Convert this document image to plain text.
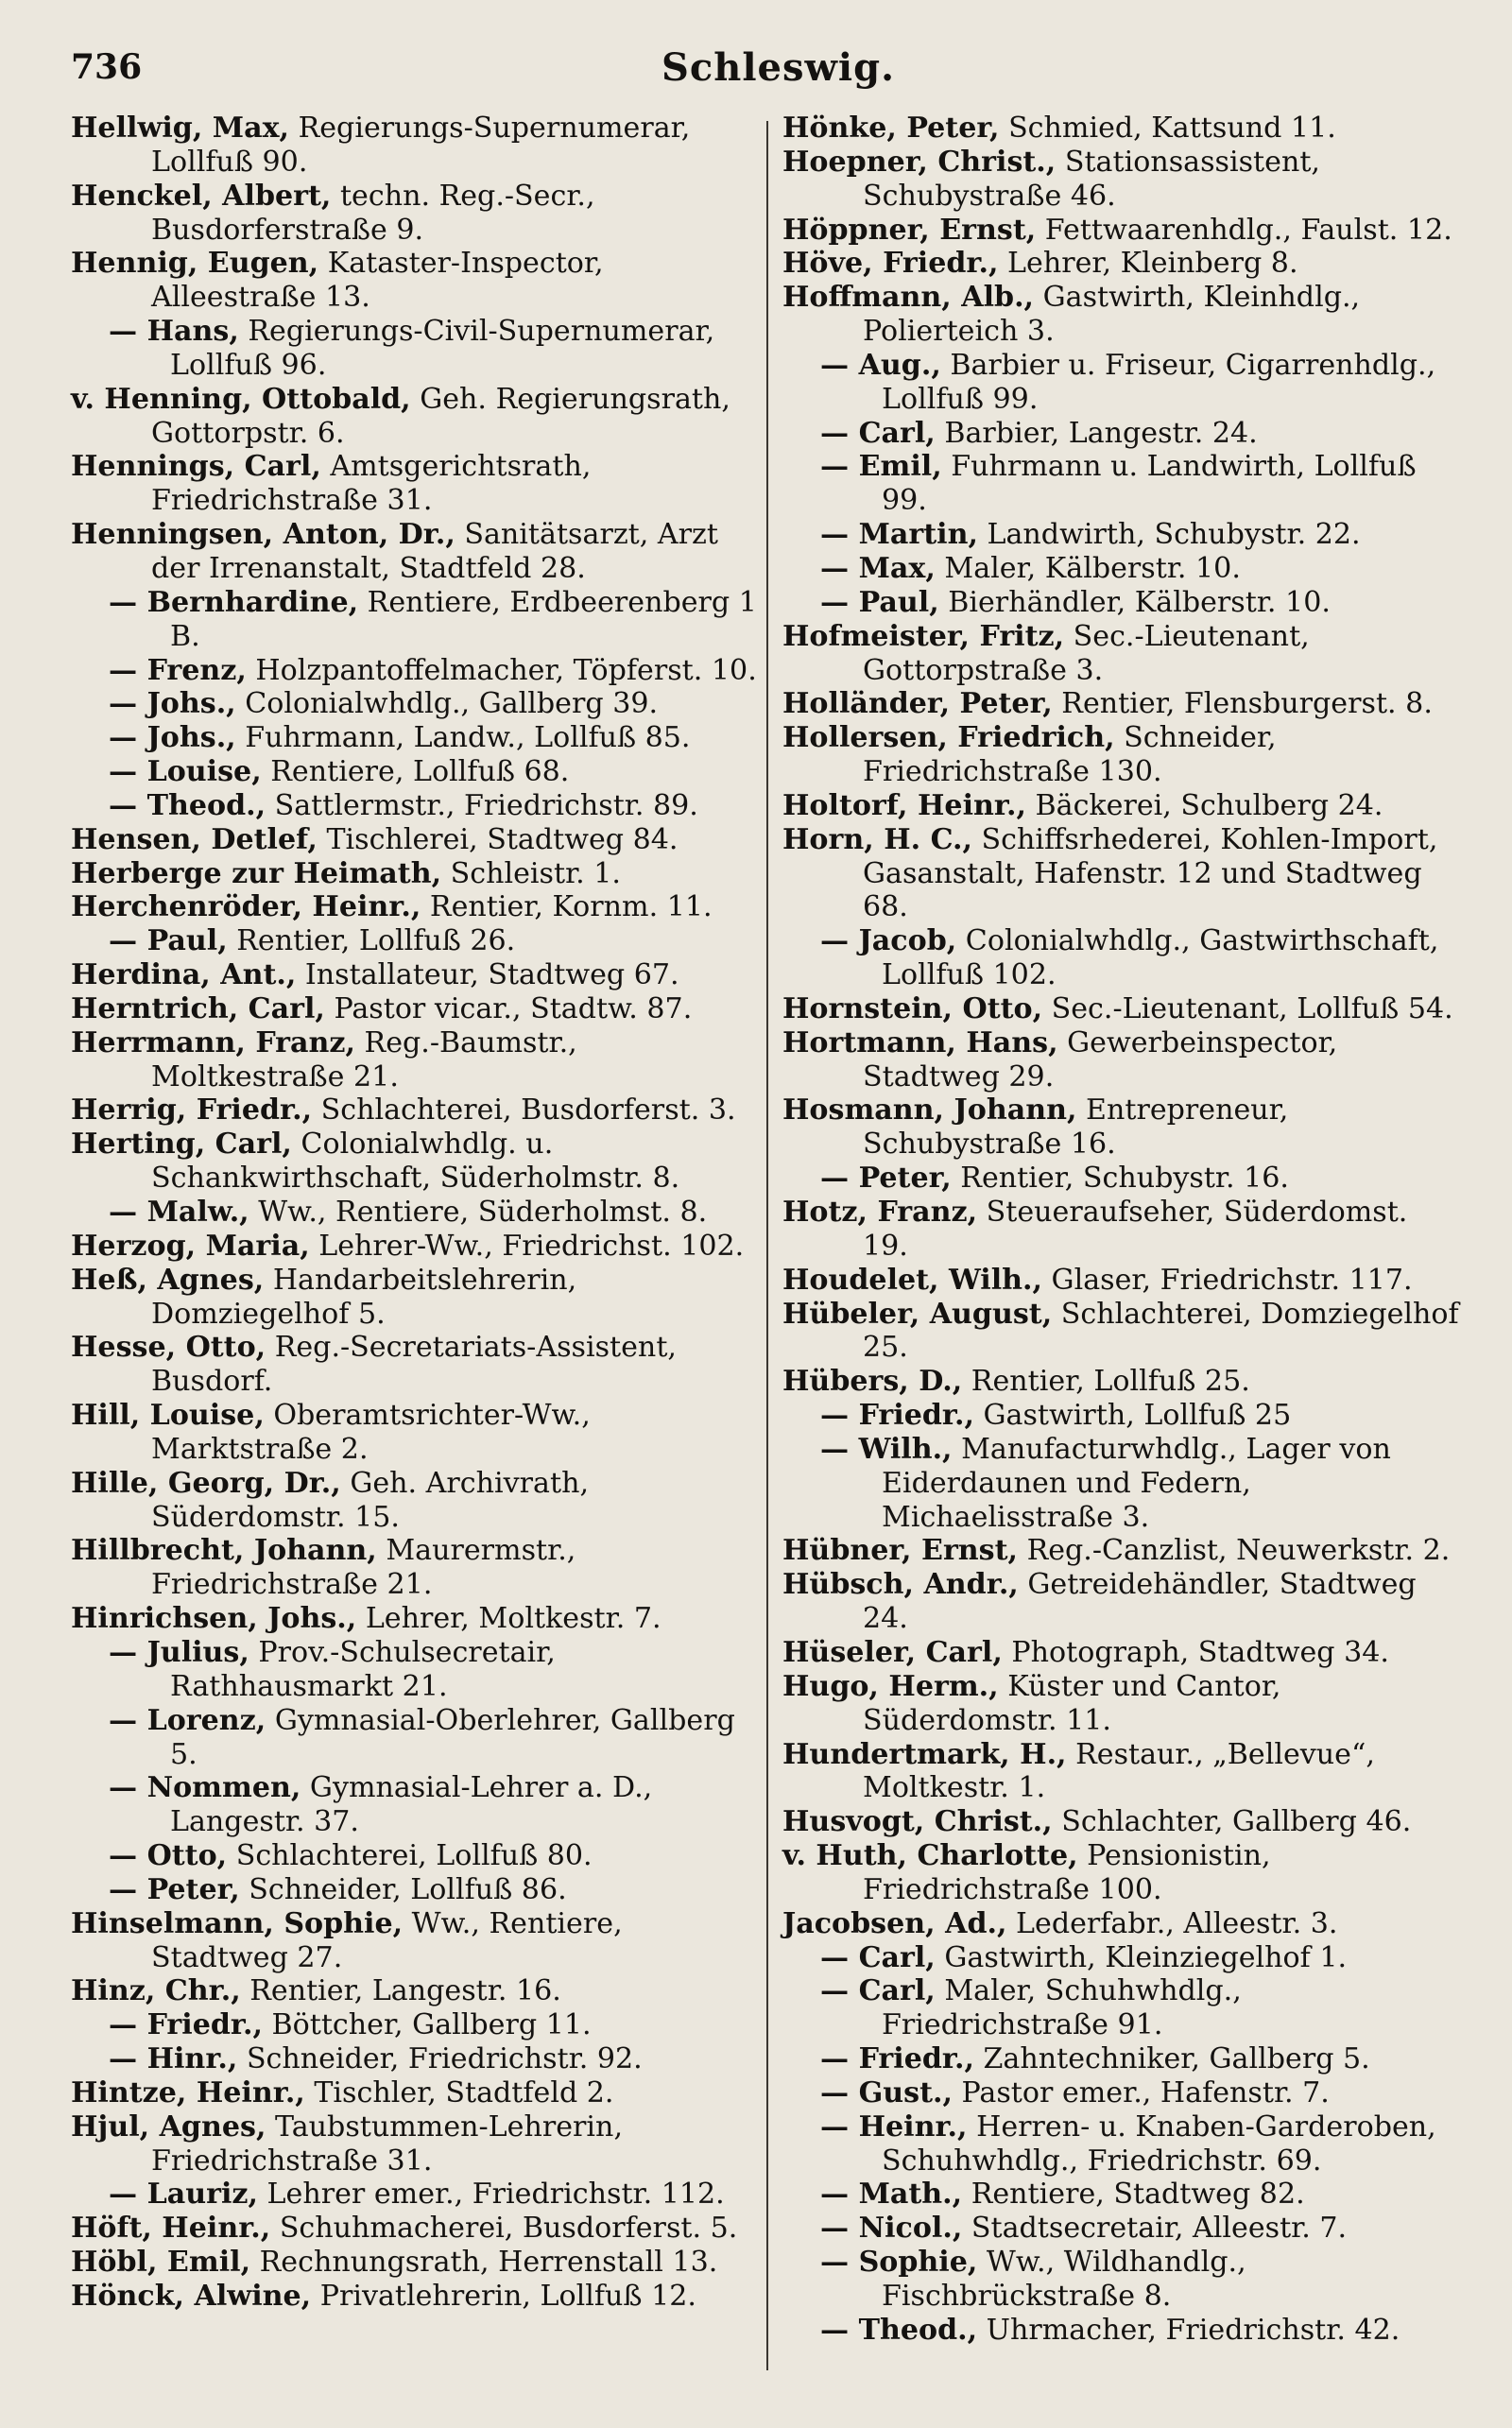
736	Schleswig.
Hellwig, Max, Regierungs-Supernumerar, Lollfuß 90.
Henckel, Albert, techn. Reg.-Secr., Busdorferstraße 9.
Hennig, Eugen, Kataster-Inspector, Alleestraße 13.
— Hans, Regierungs-Civil-Supernumerar, Lollfuß 96.
v. Henning, Ottobald, Geh. Regierungsrath, Gottorpstr. 6.
Hennings, Carl, Amtsgerichtsrath, Friedrichstraße 31.
Henningsen, Anton, Dr., Sanitätsarzt, Arzt der Irrenanstalt, Stadtfeld 28.
— Bernhardine, Rentiere, Erdbeerenberg 1 B.
— Frenz, Holzpantoffelmacher, Töpferst. 10.
— Johs., Colonialwhdlg., Gallberg 39.
— Johs., Fuhrmann, Landw., Lollfuß 85.
— Louise, Rentiere, Lollfuß 68.
— Theod., Sattlermstr., Friedrichstr. 89.
Hensen, Detlef, Tischlerei, Stadtweg 84.
Herberge zur Heimath, Schleistr. 1.
Herchenröder, Heinr., Rentier, Kornm. 11.
— Paul, Rentier, Lollfuß 26.
Herdina, Ant., Installateur, Stadtweg 67.
Herntrich, Carl, Pastor vicar., Stadtw. 87.
Herrmann, Franz, Reg.-Baumstr., Moltkestraße 21.
Herrig, Friedr., Schlachterei, Busdorferst. 3.
Herting, Carl, Colonialwhdlg. u. Schankwirthschaft, Süderholmstr. 8.
— Malw., Ww., Rentiere, Süderholmst. 8.
Herzog, Maria, Lehrer-Ww., Friedrichst. 102.
Heß, Agnes, Handarbeitslehrerin, Domziegelhof 5.
Hesse, Otto, Reg.-Secretariats-Assistent, Busdorf.
Hill, Louise, Oberamtsrichter-Ww., Marktstraße 2.
Hille, Georg, Dr., Geh. Archivrath, Süderdomstr. 15.
Hillbrecht, Johann, Maurermstr., Friedrichstraße 21.
Hinrichsen, Johs., Lehrer, Moltkestr. 7.
— Julius, Prov.-Schulsecretair, Rathhausmarkt 21.
— Lorenz, Gymnasial-Oberlehrer, Gallberg 5.
— Nommen, Gymnasial-Lehrer a. D., Langestr. 37.
— Otto, Schlachterei, Lollfuß 80.
— Peter, Schneider, Lollfuß 86.
Hinselmann, Sophie, Ww., Rentiere, Stadtweg 27.
Hinz, Chr., Rentier, Langestr. 16.
— Friedr., Böttcher, Gallberg 11.
— Hinr., Schneider, Friedrichstr. 92.
Hintze, Heinr., Tischler, Stadtfeld 2.
Hjul, Agnes, Taubstummen-Lehrerin, Friedrichstraße 31.
— Lauriz, Lehrer emer., Friedrichstr. 112.
Höft, Heinr., Schuhmacherei, Busdorferst. 5.
Höbl, Emil, Rechnungsrath, Herrenstall 13.
Hönck, Alwine, Privatlehrerin, Lollfuß 12.
Hönke, Peter, Schmied, Kattsund 11.
Hoepner, Christ., Stationsassistent, Schubystraße 46.
Höppner, Ernst, Fettwaarenhdlg., Faulst. 12.
Höve, Friedr., Lehrer, Kleinberg 8.
Hoffmann, Alb., Gastwirth, Kleinhdlg., Polierteich 3.
— Aug., Barbier u. Friseur, Cigarrenhdlg., Lollfuß 99.
— Carl, Barbier, Langestr. 24.
— Emil, Fuhrmann u. Landwirth, Lollfuß 99.
— Martin, Landwirth, Schubystr. 22.
— Max, Maler, Kälberstr. 10.
— Paul, Bierhändler, Kälberstr. 10.
Hofmeister, Fritz, Sec.-Lieutenant, Gottorpstraße 3.
Holländer, Peter, Rentier, Flensburgerst. 8.
Hollersen, Friedrich, Schneider, Friedrichstraße 130.
Holtorf, Heinr., Bäckerei, Schulberg 24.
Horn, H. C., Schiffsrhederei, Kohlen-Import, Gasanstalt, Hafenstr. 12 und Stadtweg 68.
— Jacob, Colonialwhdlg., Gastwirthschaft, Lollfuß 102.
Hornstein, Otto, Sec.-Lieutenant, Lollfuß 54.
Hortmann, Hans, Gewerbeinspector, Stadtweg 29.
Hosmann, Johann, Entrepreneur, Schubystraße 16.
— Peter, Rentier, Schubystr. 16.
Hotz, Franz, Steueraufseher, Süderdomst. 19.
Houdelet, Wilh., Glaser, Friedrichstr. 117.
Hübeler, August, Schlachterei, Domziegelhof 25.
Hübers, D., Rentier, Lollfuß 25.
— Friedr., Gastwirth, Lollfuß 25
— Wilh., Manufacturwhdlg., Lager von Eiderdaunen und Federn, Michaelisstraße 3.
Hübner, Ernst, Reg.-Canzlist, Neuwerkstr. 2.
Hübsch, Andr., Getreidehändler, Stadtweg 24.
Hüseler, Carl, Photograph, Stadtweg 34.
Hugo, Herm., Küster und Cantor, Süderdomstr. 11.
Hundertmark, H., Restaur., „Bellevue“, Moltkestr. 1.
Husvogt, Christ., Schlachter, Gallberg 46.
v. Huth, Charlotte, Pensionistin, Friedrichstraße 100.
Jacobsen, Ad., Lederfabr., Alleestr. 3.
— Carl, Gastwirth, Kleinziegelhof 1.
— Carl, Maler, Schuhwhdlg., Friedrichstraße 91.
— Friedr., Zahntechniker, Gallberg 5.
— Gust., Pastor emer., Hafenstr. 7.
— Heinr., Herren- u. Knaben-Garderoben, Schuhwhdlg., Friedrichstr. 69.
— Math., Rentiere, Stadtweg 82.
— Nicol., Stadtsecretair, Alleestr. 7.
— Sophie, Ww., Wildhandlg., Fischbrückstraße 8.
— Theod., Uhrmacher, Friedrichstr. 42.
